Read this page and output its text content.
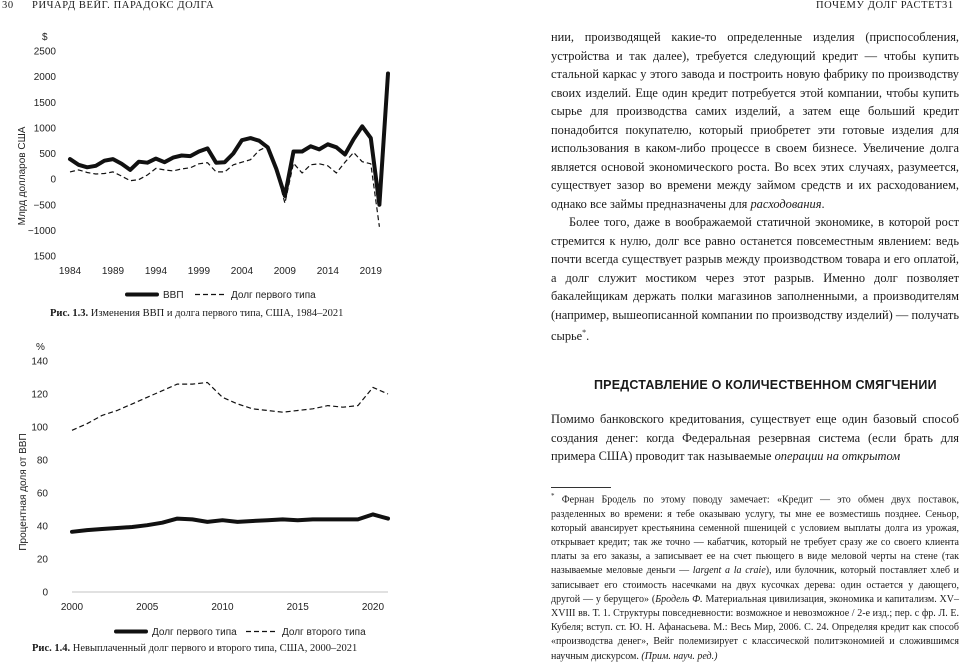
30 РИЧАРД ВЕЙГ. ПАРАДОКС ДОЛГА	ПОЧЕМУ ДОЛГ РАСТЕТ 31
$
Млрд долларов США
2500
2000
1500
1000
500
0
−500
−1000
1500
1984 1989 1994 1999 2004 2009 2014 2019
ВВП	Долг первого типа
Рис. 1.3. Изменения ВВП и долга первого типа, США, 1984–2021
%
Процентная доля от ВВП
140
120
100
80
60
40
20
0
2000	2005	2010	2015	2020
Долг первого типа	Долг второго типа
Рис. 1.4. Невыплаченный долг первого и второго типа, США, 2000–2021

нии, производящей какие-то определенные изделия (приспособления, устройства и так далее), требуется следующий кредит — чтобы купить стальной каркас у этого завода и построить новую фабрику по производству своих изделий. Еще один кредит потребуется этой компании, чтобы купить сырье для производства самих изделий, а затем еще больший кредит понадобится покупателю, который приобретет эти готовые изделия для использования в каком-либо процессе в своем бизнесе. Увеличение долга является основой экономического роста. Во всех этих случаях, разумеется, существует зазор во времени между займом средств и их расходованием, однако все займы предназначены для расходования.

Более того, даже в воображаемой статичной экономике, в которой рост стремится к нулю, долг все равно останется повсеместным явлением: ведь почти всегда существует разрыв между производством товара и его оплатой, а долг служит мостиком через этот разрыв. Именно долг позволяет бакалейщикам держать полки магазинов заполненными, а производителям (например, вышеописанной компании по производству изделий) — получать сырье*.

ПРЕДСТАВЛЕНИЕ О КОЛИЧЕСТВЕННОМ СМЯГЧЕНИИ

Помимо банковского кредитования, существует еще один базовый способ создания денег: когда Федеральная резервная система (если брать для примера США) проводит так называемые операции на открытом

* Фернан Бродель по этому поводу замечает: «Кредит — это обмен двух поставок, разделенных во времени: я тебе оказываю услугу, ты мне ее возместишь позднее. Сеньор, который авансирует крестьянина семенной пшеницей с условием выплаты долга из урожая, открывает кредит; так же точно — кабатчик, который не требует сразу же со своего клиента платы за его заказы, а записывает ее на счет пьющего в виде меловой черты на стене (так называемые меловые деньги — largent a la craie), или булочник, который поставляет хлеб и записывает его стоимость насечками на двух кусочках дерева: один остается у дающего, другой — у берущего» (Бродель Ф. Материальная цивилизация, экономика и капитализм. XV–XVIII вв. Т. 1. Структуры повседневности: возможное и невозможное / 2-е изд.; пер. с фр. Л. Е. Кубеля; вступ. ст. Ю. Н. Афанасьева. М.: Весь Мир, 2006. С. 24. Определяя кредит как способ «производства денег», Вейг полемизирует с классической политэкономией и сложившимся научным дискурсом. (Прим. науч. ред.)
